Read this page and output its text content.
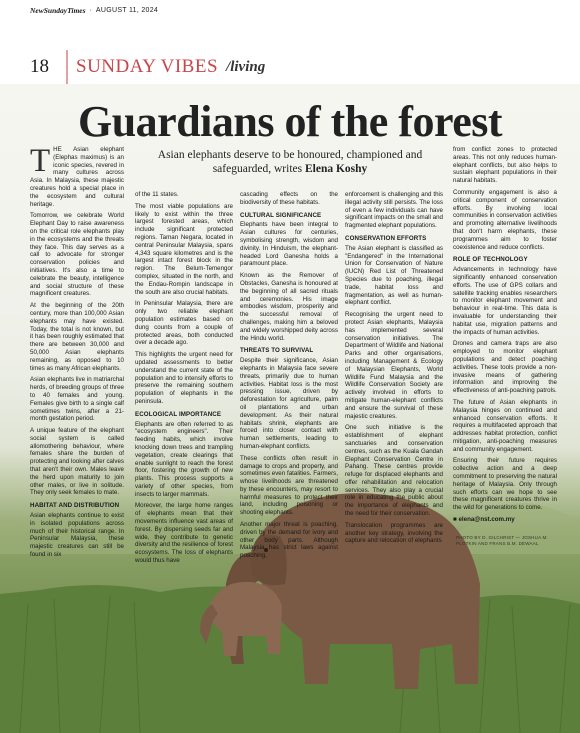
NewSundayTimes · AUGUST 11, 2024
18	SUNDAY VIBES /living
Guardians of the forest
Asian elephants deserve to be honoured, championed and safeguarded, writes Elena Koshy
T HE Asian elephant (Elephas maximus) is an iconic species, revered in many cultures across Asia. In Malaysia, these majestic creatures hold a special place in the ecosystem and cultural heritage.

Tomorrow, we celebrate World Elephant Day to raise awareness on the critical role elephants play in the ecosystems and the threats they face. This day serves as a call to advocate for stronger conservation policies and initiatives. It's also a time to celebrate the beauty, intelligence and social structure of these magnificent creatures.

At the beginning of the 20th century, more than 100,000 Asian elephants may have existed. Today, the total is not known, but it has been roughly estimated that there are between 30,000 and 50,000 Asian elephants remaining, as opposed to 10 times as many African elephants.

Asian elephants live in matriarchal herds, of breeding groups of three to 40 females and young. Females give birth to a single calf sometimes twins, after a 21-month gestation period.

A unique feature of the elephant social system is called allomothering behaviour, where females share the burden of protecting and looking after calves that aren't their own. Males leave the herd upon maturity to join other males, or live in solitude. They only seek females to mate.

HABITAT AND DISTRIBUTION

Asian elephants continue to exist in isolated populations across much of their historical range. In Peninsular Malaysia, these majestic creatures can still be found in six

of the 11 states.

The most viable populations are likely to exist within the three largest forested areas, which include significant protected regions. Taman Negara, located in central Peninsular Malaysia, spans 4,343 square kilometres and is the largest intact forest block in the region. The Belum-Temengor complex, situated in the north, and the Endau-Rompin landscape in the south are also crucial habitats.

In Peninsular Malaysia, there are only two reliable elephant population estimates based on dung counts from a couple of protected areas, both conducted over a decade ago.

This highlights the urgent need for updated assessments to better understand the current state of the population and to intensify efforts to preserve the remaining southern population of elephants in the peninsula.

ECOLOGICAL IMPORTANCE

Elephants are often referred to as "ecosystem engineers". Their feeding habits, which involve knocking down trees and trampling vegetation, create clearings that enable sunlight to reach the forest floor, fostering the growth of new plants. This process supports a variety of other species, from insects to larger mammals.

Moreover, the large home ranges of elephants mean that their movements influence vast areas of forest. By dispersing seeds far and wide, they contribute to genetic diversity and the resilience of forest ecosystems. The loss of elephants would thus have

cascading effects on the biodiversity of these habitats.

CULTURAL SIGNIFICANCE

Elephants have been integral to Asian cultures for centuries, symbolising strength, wisdom and divinity. In Hinduism, the elephant-headed Lord Ganesha holds a paramount place.

Known as the Remover of Obstacles, Ganesha is honoured at the beginning of all sacred rituals and ceremonies. His image embodies wisdom, prosperity and the successful removal of challenges, making him a beloved and widely worshipped deity across the Hindu world.

THREATS TO SURVIVAL

Despite their significance, Asian elephants in Malaysia face severe threats, primarily due to human activities. Habitat loss is the most pressing issue, driven by deforestation for agriculture, palm oil plantations and urban development. As their natural habitats shrink, elephants are forced into closer contact with human settlements, leading to human-elephant conflicts.

These conflicts often result in damage to crops and property, and sometimes even fatalities. Farmers, whose livelihoods are threatened by these encounters, may resort to harmful measures to protect their land, including poisoning or shooting elephants.

Another major threat is poaching, driven by the demand for ivory and other body parts. Although Malaysia has strict laws against poaching,

enforcement is challenging and this illegal activity still persists. The loss of even a few individuals can have significant impacts on the small and fragmented elephant populations.

CONSERVATION EFFORTS

The Asian elephant is classified as "Endangered" in the International Union for Conservation of Nature (IUCN) Red List of Threatened Species due to poaching, illegal trade, habitat loss and fragmentation, as well as human-elephant conflict.

Recognising the urgent need to protect Asian elephants, Malaysia has implemented several conservation initiatives. The Department of Wildlife and National Parks and other organisations, including Management & Ecology of Malaysian Elephants, World Wildlife Fund Malaysia and the Wildlife Conservation Society are actively involved in efforts to mitigate human-elephant conflicts and ensure the survival of these majestic creatures.

One such initiative is the establishment of elephant sanctuaries and conservation centres, such as the Kuala Gandah Elephant Conservation Centre in Pahang. These centres provide refuge for displaced elephants and offer rehabilitation and relocation services. They also play a crucial role in educating the public about the importance of elephants and the need for their conservation.

Translocation programmes are another key strategy, involving the capture and relocation of elephants

from conflict zones to protected areas. This not only reduces human-elephant conflicts, but also helps to sustain elephant populations in their natural habitats.

Community engagement is also a critical component of conservation efforts. By involving local communities in conservation activities and promoting alternative livelihoods that don't harm elephants, these programmes aim to foster coexistence and reduce conflicts.

ROLE OF TECHNOLOGY

Advancements in technology have significantly enhanced conservation efforts. The use of GPS collars and satellite tracking enables researchers to monitor elephant movement and behaviour in real-time. This data is invaluable for understanding their habitat use, migration patterns and the impacts of human activities.

Drones and camera traps are also employed to monitor elephant populations and detect poaching activities. These tools provide a non-invasive means of gathering information and improving the effectiveness of anti-poaching patrols.

The future of Asian elephants in Malaysia hinges on continued and enhanced conservation efforts. It requires a multifaceted approach that addresses habitat protection, conflict mitigation, anti-poaching measures and community engagement.

Ensuring their future requires collective action and a deep commitment to preserving the natural heritage of Malaysia. Only through such efforts can we hope to see these magnificent creatures thrive in the wild for generations to come.

■ elena@nst.com.my

PHOTO BY D. GILCHRIST — JOSHUA M.
PLOTKIN AND FRANS B.M. DEWAAL
